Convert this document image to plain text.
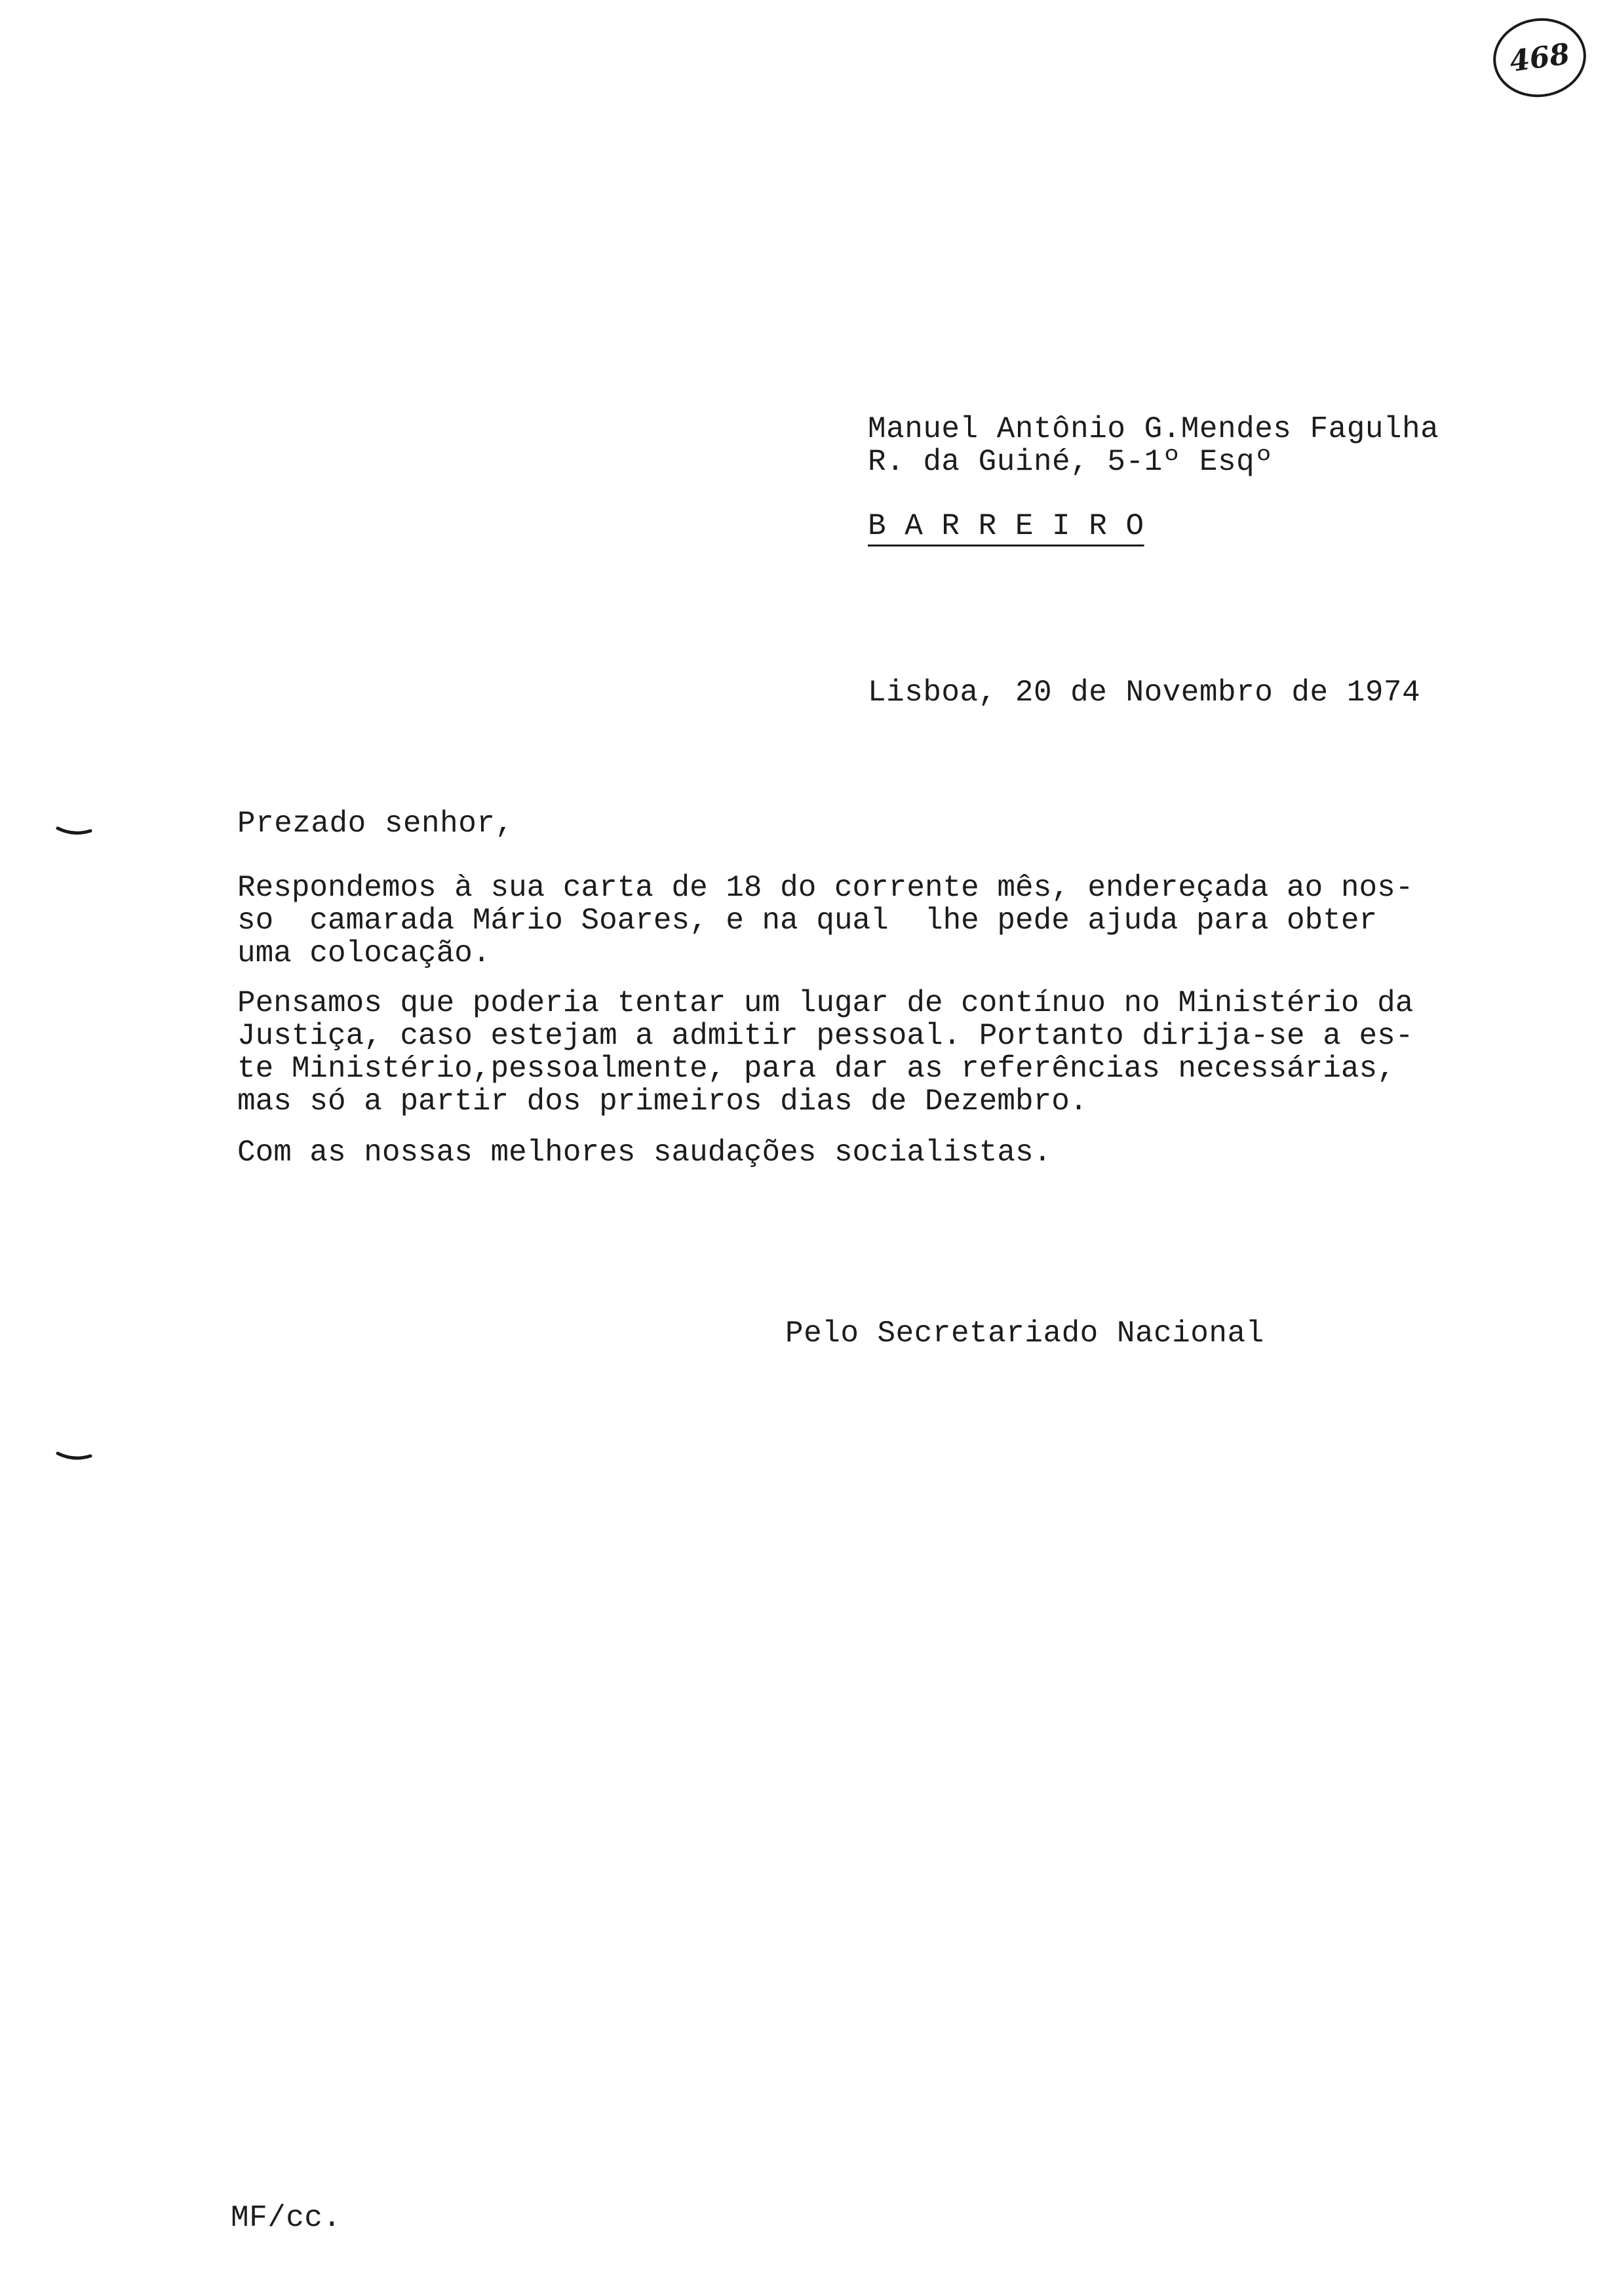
468
Manuel Antônio G.Mendes Fagulha
R. da Guiné, 5-1º Esqº
B A R R E I R O
Lisboa, 20 de Novembro de 1974
Prezado senhor,
Respondemos à sua carta de 18 do corrente mês, endereçada ao nos-
so  camarada Mário Soares, e na qual  lhe pede ajuda para obter
uma colocação.
Pensamos que poderia tentar um lugar de contínuo no Ministério da
Justiça, caso estejam a admitir pessoal. Portanto dirija-se a es-
te Ministério,pessoalmente, para dar as referências necessárias,
mas só a partir dos primeiros dias de Dezembro.
Com as nossas melhores saudações socialistas.
Pelo Secretariado Nacional
MF/cc.
